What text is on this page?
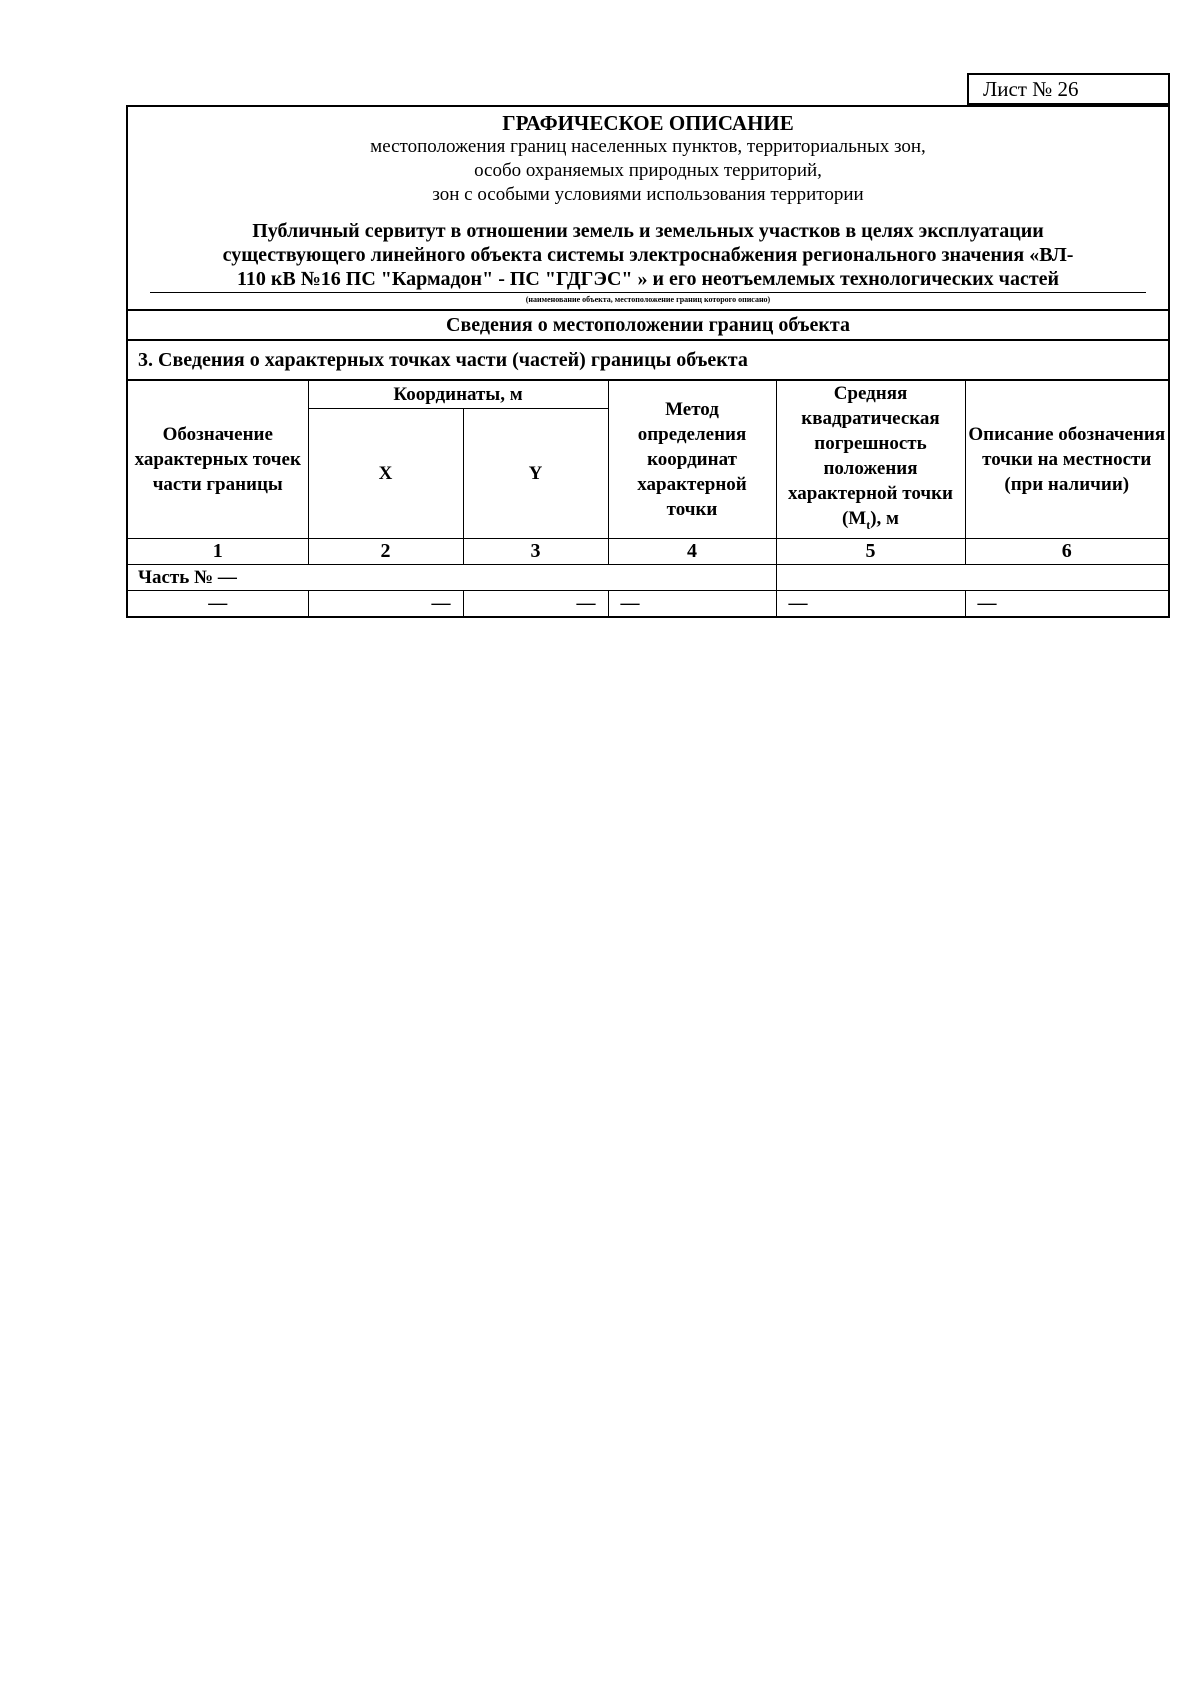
Лист № 26
ГРАФИЧЕСКОЕ ОПИСАНИЕ
местоположения границ населенных пунктов, территориальных зон,
особо охраняемых природных территорий,
зон с особыми условиями использования территории
Публичный сервитут в отношении земель и земельных участков в целях эксплуатации
существующего линейного объекта системы электроснабжения регионального значения «ВЛ-
110 кВ №16 ПС "Кармадон" - ПС "ГДГЭС" » и его неотъемлемых технологических частей
(наименование объекта, местоположение границ которого описано)
Сведения о местоположении границ объекта
3. Сведения о характерных точках части (частей) границы объекта
Обозначение характерных точек части границы	Координаты, м		Метод определения координат характерной точки	Средняя квадратическая погрешность положения характерной точки $(M_t)$, м	Описание обозначения точки на местности (при наличии)
	X	Y			
1	2	3	4	5	6
Часть № —					
—	—	—	—	—	—
